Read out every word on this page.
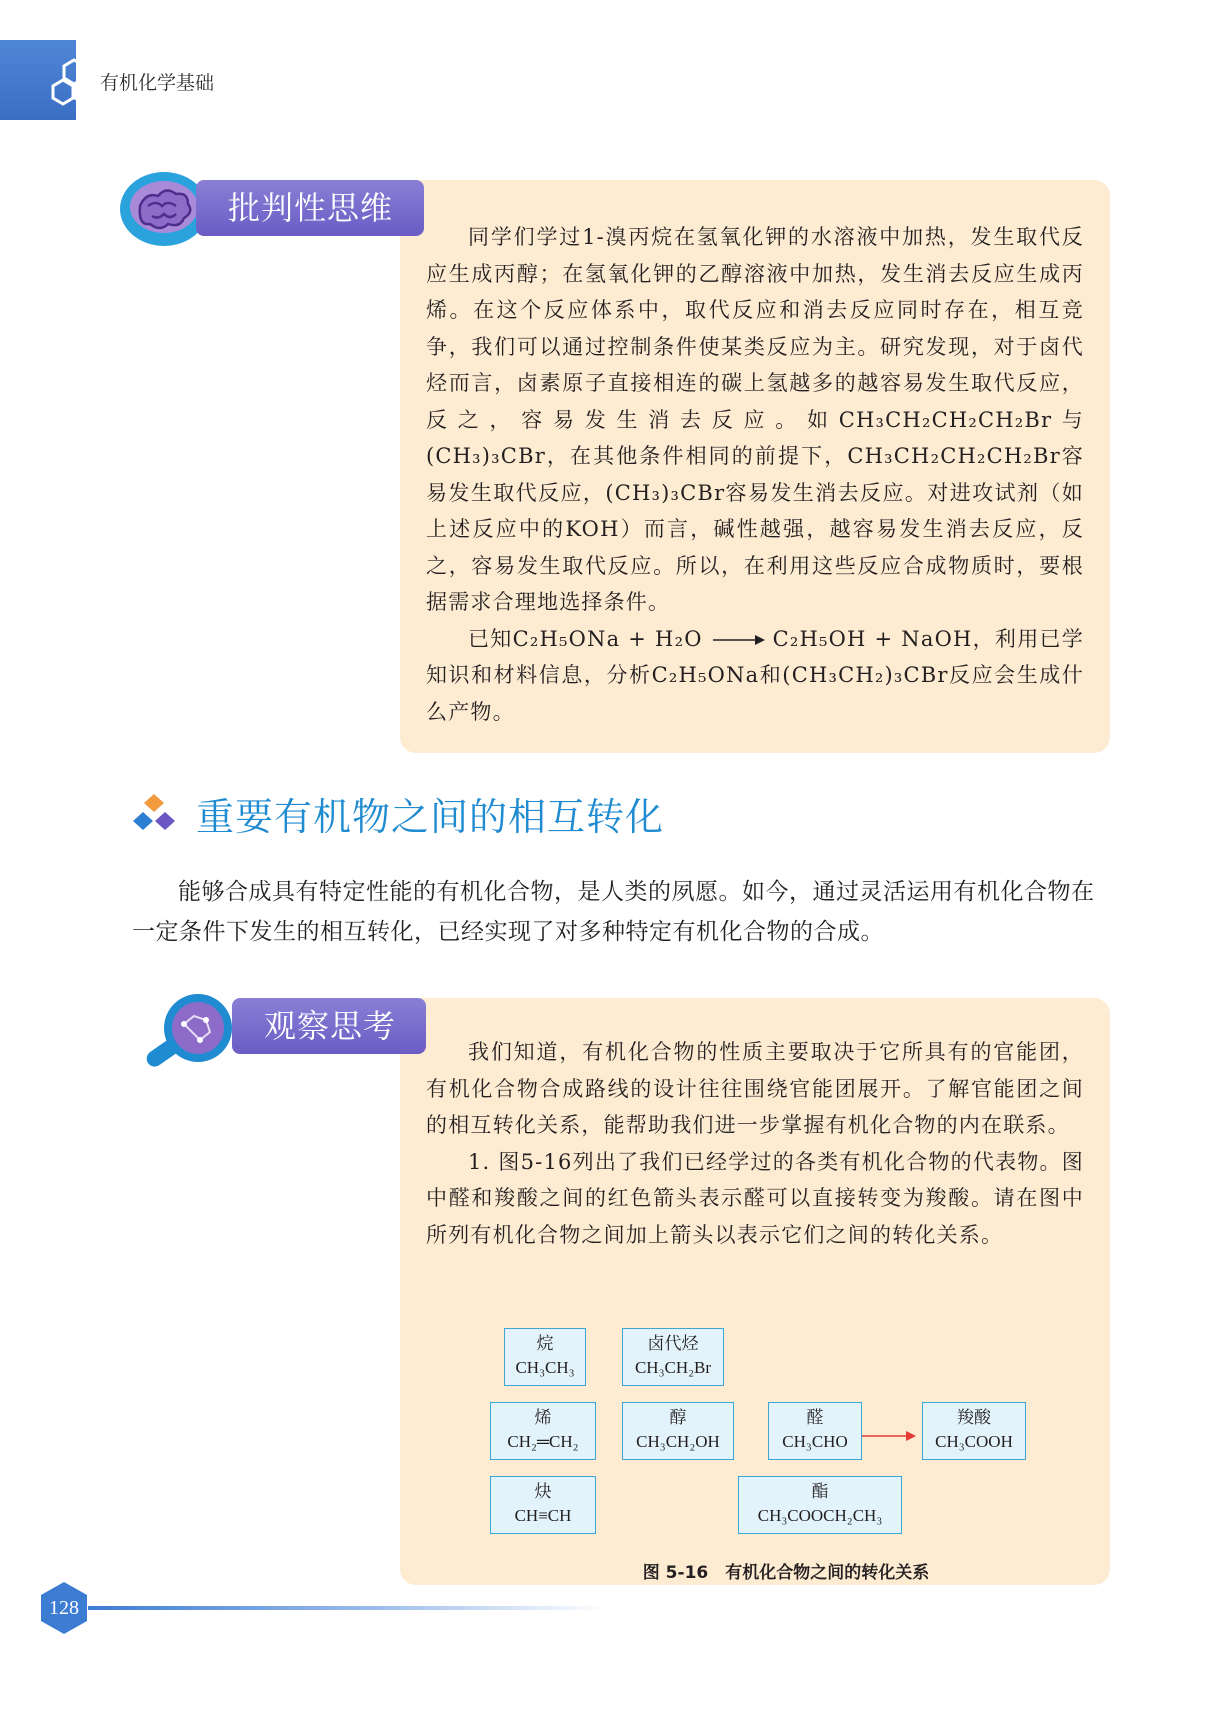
有机化学基础
批判性思维

同学们学过1-溴丙烷在氢氧化钾的水溶液中加热，发生取代反应生成丙醇；在氢氧化钾的乙醇溶液中加热，发生消去反应生成丙烯。在这个反应体系中，取代反应和消去反应同时存在，相互竞争，我们可以通过控制条件使某类反应为主。研究发现，对于卤代烃而言，卤素原子直接相连的碳上氢越多的越容易发生取代反应，反之，容易发生消去反应。如CH₃CH₂CH₂CH₂Br与(CH₃)₃CBr，在其他条件相同的前提下，CH₃CH₂CH₂CH₂Br容易发生取代反应，(CH₃)₃CBr容易发生消去反应。对进攻试剂（如上述反应中的KOH）而言，碱性越强，越容易发生消去反应，反之，容易发生取代反应。所以，在利用这些反应合成物质时，要根据需求合理地选择条件。

已知C₂H₅ONa + H₂O → C₂H₅OH + NaOH，利用已学知识和材料信息，分析C₂H₅ONa和(CH₃CH₂)₃CBr反应会生成什么产物。

重要有机物之间的相互转化

能够合成具有特定性能的有机化合物，是人类的夙愿。如今，通过灵活运用有机化合物在一定条件下发生的相互转化，已经实现了对多种特定有机化合物的合成。

观察思考

我们知道，有机化合物的性质主要取决于它所具有的官能团，有机化合物合成路线的设计往往围绕官能团展开。了解官能团之间的相互转化关系，能帮助我们进一步掌握有机化合物的内在联系。

1. 图5-16列出了我们已经学过的各类有机化合物的代表物。图中醛和羧酸之间的红色箭头表示醛可以直接转变为羧酸。请在图中所列有机化合物之间加上箭头以表示它们之间的转化关系。

烷
CH₃CH₃
卤代烃
CH₃CH₂Br
烯
CH₂═CH₂
醇
CH₃CH₂OH
醛
CH₃CHO
羧酸
CH₃COOH
炔
CH≡CH
酯
CH₃COOCH₂CH₃
图 5-16　有机化合物之间的转化关系
128
